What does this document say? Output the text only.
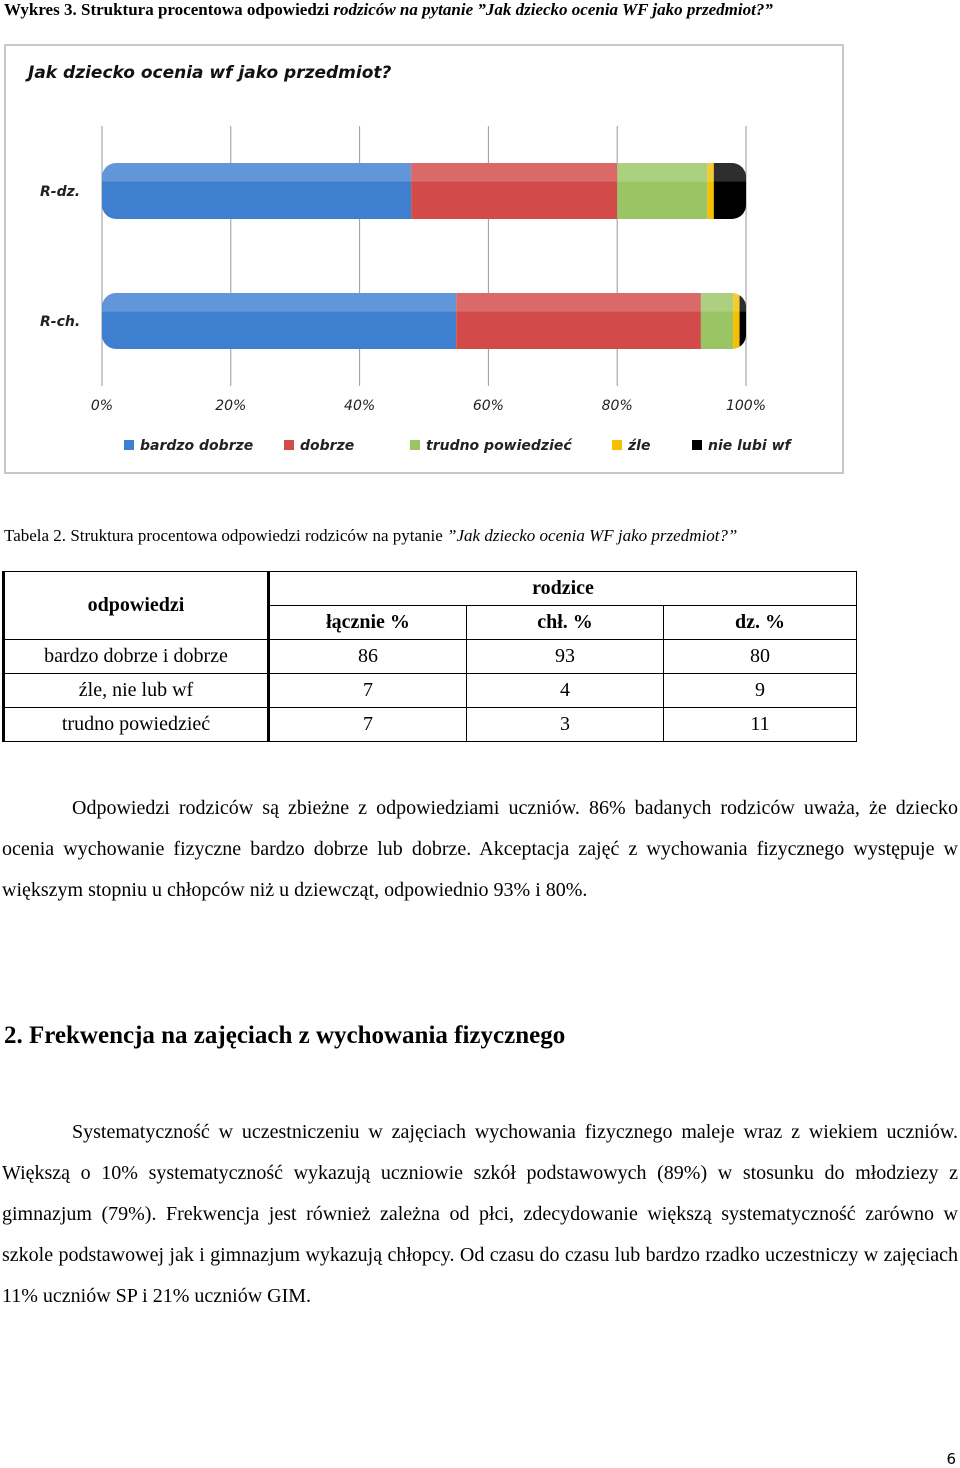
Wykres 3. Struktura procentowa odpowiedzi rodziców na pytanie ”Jak dziecko ocenia WF jako przedmiot?”
Jak dziecko ocenia wf jako przedmiot?
R-dz.
R-ch.
0%	20%	40%	60%	80%	100%
bardzo dobrze	dobrze	trudno powiedzieć	źle	nie lubi wf
Tabela 2. Struktura procentowa odpowiedzi rodziców na pytanie ”Jak dziecko ocenia WF jako przedmiot?”
odpowiedzi	rodzice		
	łącznie %	chł. %	dz. %
bardzo dobrze i dobrze	86	93	80
źle, nie lub wf	7	4	9
trudno powiedzieć	7	3	11

Odpowiedzi rodziców są zbieżne z odpowiedziami uczniów. 86% badanych rodziców uważa, że dziecko ocenia wychowanie fizyczne bardzo dobrze lub dobrze. Akceptacja zajęć z wychowania fizycznego występuje w większym stopniu u chłopców niż u dziewcząt, odpowiednio 93% i 80%.

2. Frekwencja na zajęciach z wychowania fizycznego

Systematyczność w uczestniczeniu w zajęciach wychowania fizycznego maleje wraz z wiekiem uczniów. Większą o 10% systematyczność wykazują uczniowie szkół podstawowych (89%) w stosunku do młodziezy z gimnazjum (79%). Frekwencja jest również zależna od płci, zdecydowanie większą systematyczność zarówno w szkole podstawowej jak i gimnazjum wykazują chłopcy. Od czasu do czasu lub bardzo rzadko uczestniczy w zajęciach 11% uczniów SP i 21% uczniów GIM.

6
